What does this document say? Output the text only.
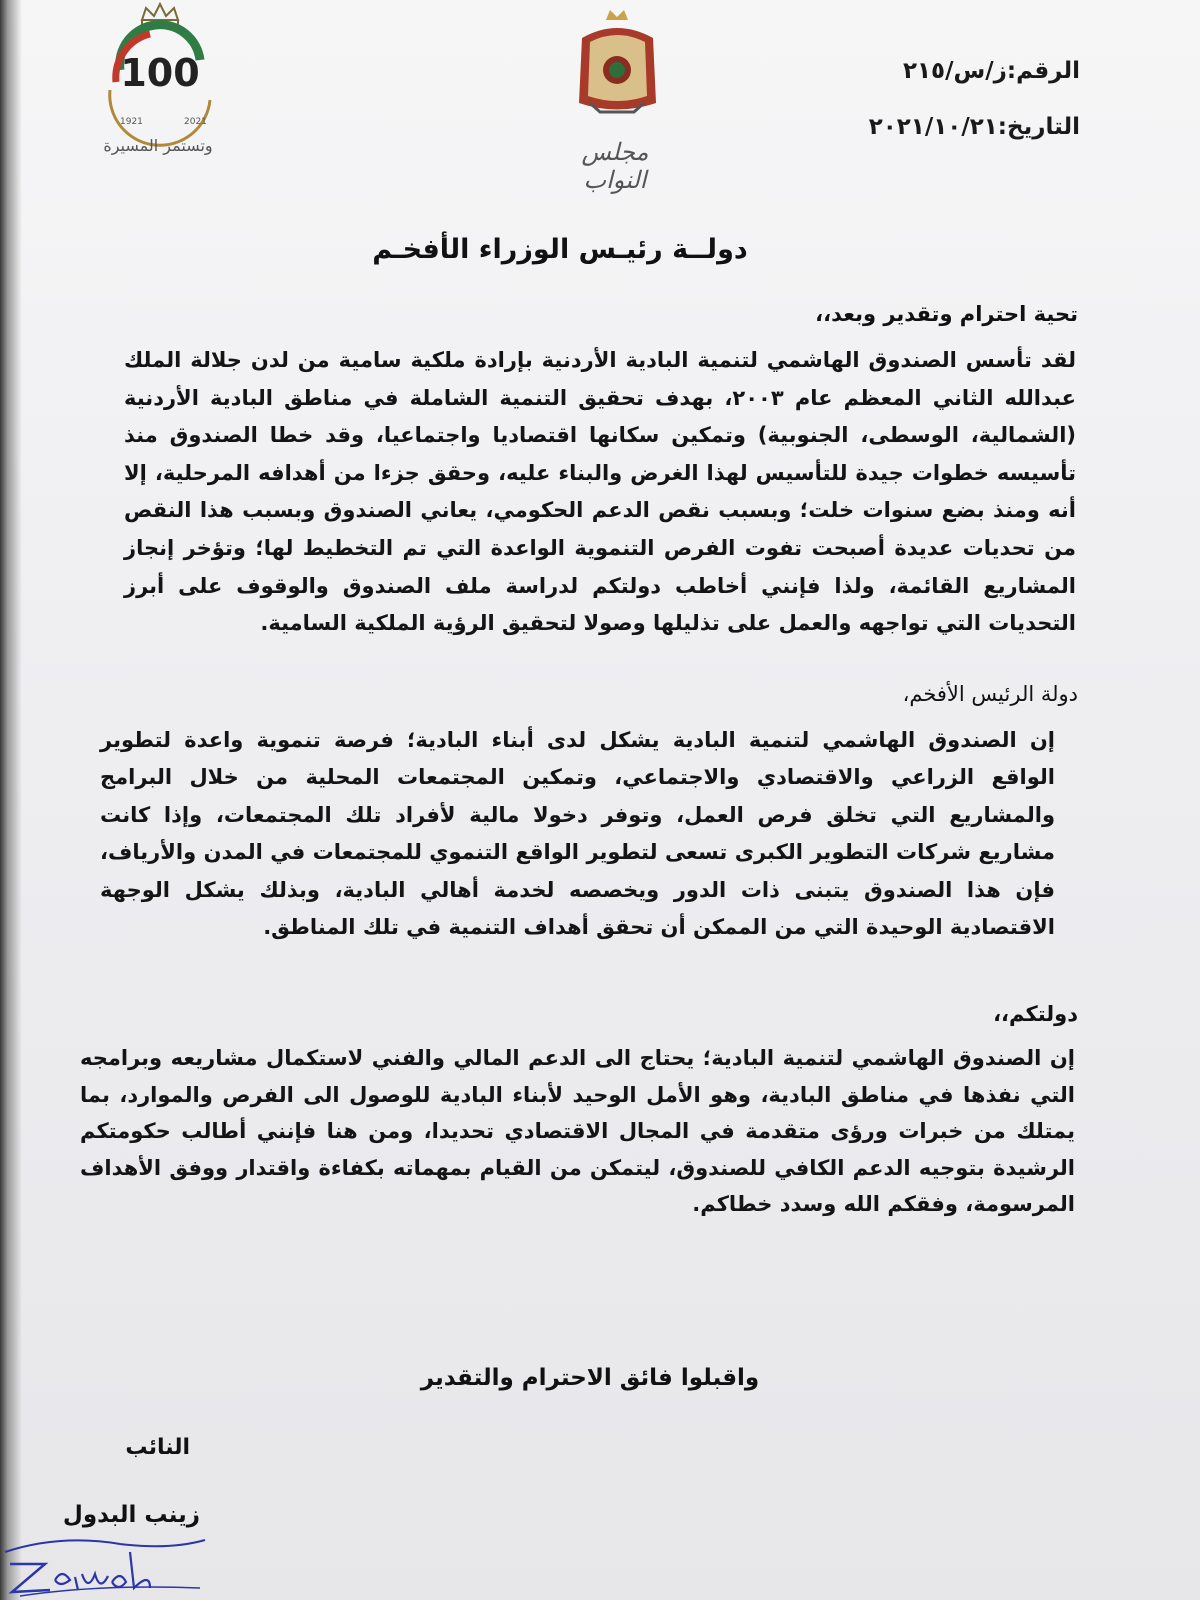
100
1921	2021
وتستمر المسيرة	مجلس النواب
الرقم:ز/س/٢١٥
التاريخ:٢٠٢١/١٠/٢١
دولــة رئيـس الوزراء الأفخـم
تحية احترام وتقدير وبعد،،
لقد تأسس الصندوق الهاشمي لتنمية البادية الأردنية بإرادة ملكية سامية من لدن جلالة الملك عبدالله الثاني المعظم عام ٢٠٠٣، بهدف تحقيق التنمية الشاملة في مناطق البادية الأردنية (الشمالية، الوسطى، الجنوبية) وتمكين سكانها اقتصاديا واجتماعيا، وقد خطا الصندوق منذ تأسيسه خطوات جيدة للتأسيس لهذا الغرض والبناء عليه، وحقق جزءا من أهدافه المرحلية، إلا أنه ومنذ بضع سنوات خلت؛ وبسبب نقص الدعم الحكومي، يعاني الصندوق وبسبب هذا النقص من تحديات عديدة أصبحت تفوت الفرص التنموية الواعدة التي تم التخطيط لها؛ وتؤخر إنجاز المشاريع القائمة، ولذا فإنني أخاطب دولتكم لدراسة ملف الصندوق والوقوف على أبرز التحديات التي تواجهه والعمل على تذليلها وصولا لتحقيق الرؤية الملكية السامية.
دولة الرئيس الأفخم،
إن الصندوق الهاشمي لتنمية البادية يشكل لدى أبناء البادية؛ فرصة تنموية واعدة لتطوير الواقع الزراعي والاقتصادي والاجتماعي، وتمكين المجتمعات المحلية من خلال البرامج والمشاريع التي تخلق فرص العمل، وتوفر دخولا مالية لأفراد تلك المجتمعات، وإذا كانت مشاريع شركات التطوير الكبرى تسعى لتطوير الواقع التنموي للمجتمعات في المدن والأرياف، فإن هذا الصندوق يتبنى ذات الدور ويخصصه لخدمة أهالي البادية، وبذلك يشكل الوجهة الاقتصادية الوحيدة التي من الممكن أن تحقق أهداف التنمية في تلك المناطق.
دولتكم،،
إن الصندوق الهاشمي لتنمية البادية؛ يحتاج الى الدعم المالي والفني لاستكمال مشاريعه وبرامجه التي نفذها في مناطق البادية، وهو الأمل الوحيد لأبناء البادية للوصول الى الفرص والموارد، بما يمتلك من خبرات ورؤى متقدمة في المجال الاقتصادي تحديدا، ومن هنا فإنني أطالب حكومتكم الرشيدة بتوجيه الدعم الكافي للصندوق، ليتمكن من القيام بمهماته بكفاءة واقتدار ووفق الأهداف المرسومة، وفقكم الله وسدد خطاكم.
واقبلوا فائق الاحترام والتقدير
النائب
زينب البدول
